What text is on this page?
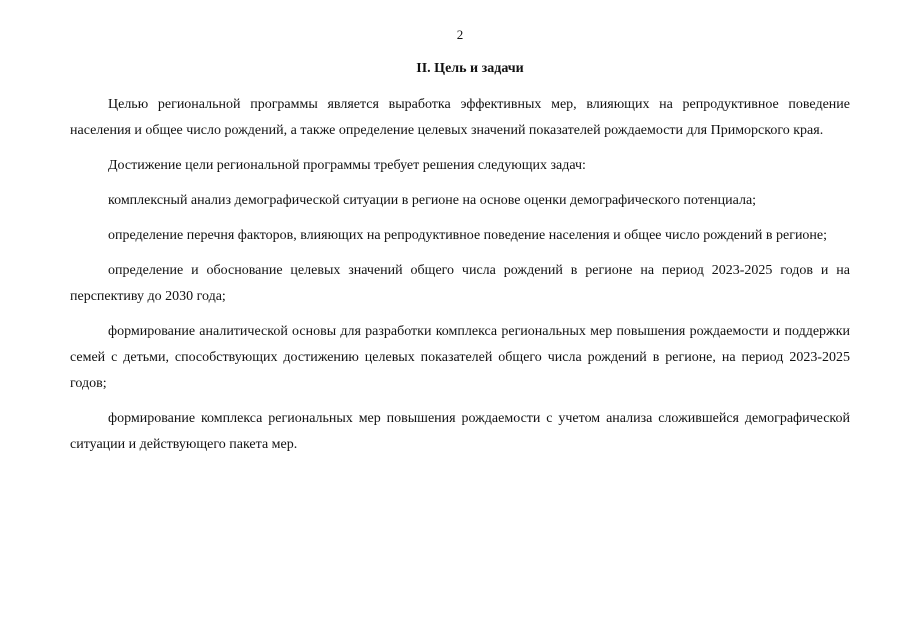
2
II. Цель и задачи

Целью региональной программы является выработка эффективных мер, влияющих на репродуктивное поведение населения и общее число рождений, а также определение целевых значений показателей рождаемости для Приморского края.

Достижение цели региональной программы требует решения следующих задач:

комплексный анализ демографической ситуации в регионе на основе оценки демографического потенциала;

определение перечня факторов, влияющих на репродуктивное поведение населения и общее число рождений в регионе;

определение и обоснование целевых значений общего числа рождений в регионе на период 2023-2025 годов и на перспективу до 2030 года;

формирование аналитической основы для разработки комплекса региональных мер повышения рождаемости и поддержки семей с детьми, способствующих достижению целевых показателей общего числа рождений в регионе, на период 2023-2025 годов;

формирование комплекса региональных мер повышения рождаемости с учетом анализа сложившейся демографической ситуации и действующего пакета мер.
